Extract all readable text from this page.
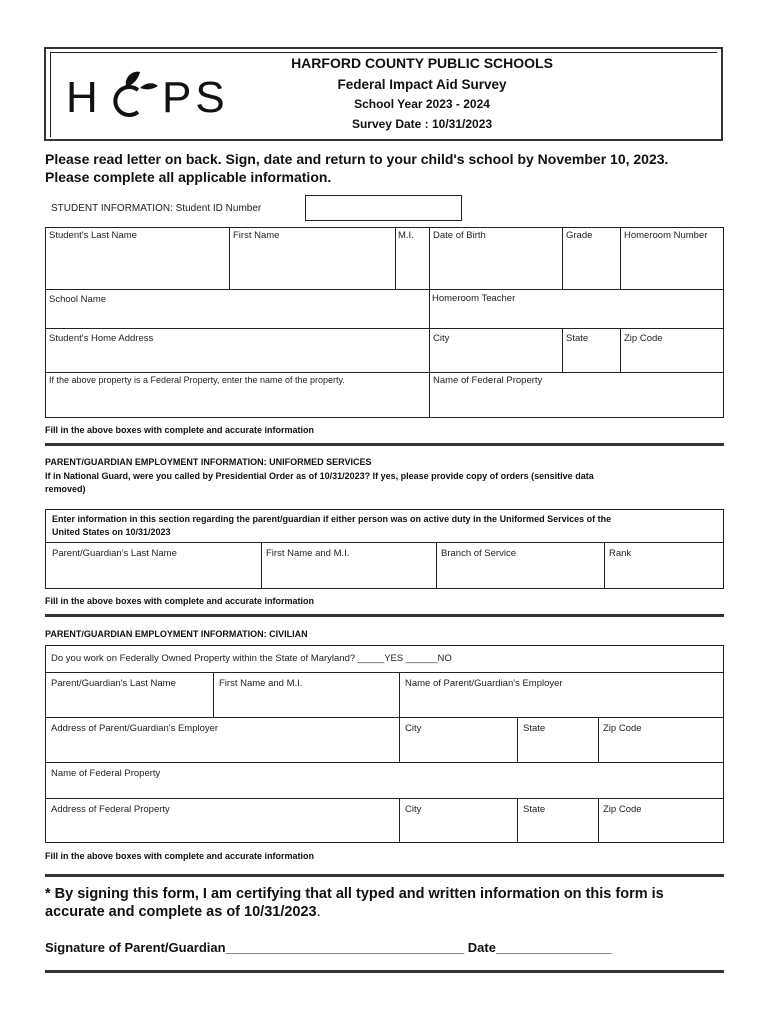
H PS
HARFORD COUNTY PUBLIC SCHOOLS
Federal Impact Aid Survey
School Year 2023 - 2024
Survey Date : 10/31/2023
Please read letter on back. Sign, date and return to your child's school by November 10, 2023.
Please complete all applicable information.
STUDENT INFORMATION: Student ID Number
Student's Last Name	First Name	M.I. Date of Birth	Grade	Homeroom Number
School Name	Homeroom Teacher
Student's Home Address	City	State	Zip Code
If the above property is a Federal Property, enter the name of the property.	Name of Federal Property
Fill in the above boxes with complete and accurate information
PARENT/GUARDIAN EMPLOYMENT INFORMATION: UNIFORMED SERVICES
If in National Guard, were you called by Presidential Order as of 10/31/2023? If yes, please provide copy of orders (sensitive data
removed)
Enter information in this section regarding the parent/guardian if either person was on active duty in the Uniformed Services of the
United States on 10/31/2023
Parent/Guardian's Last Name	First Name and M.I.	Branch of Service	Rank
Fill in the above boxes with complete and accurate information
PARENT/GUARDIAN EMPLOYMENT INFORMATION: CIVILIAN
Do you work on Federally Owned Property within the State of Maryland? _____YES ______NO
Parent/Guardian's Last Name	First Name and M.I.	Name of Parent/Guardian's Employer
Address of Parent/Guardian's Employer	City	State	Zip Code
Name of Federal Property
Address of Federal Property	City	State	Zip Code
Fill in the above boxes with complete and accurate information
* By signing this form, I am certifying that all typed and written information on this form is
accurate and complete as of 10/31/2023.
Signature of Parent/Guardian_________________________________ Date________________
